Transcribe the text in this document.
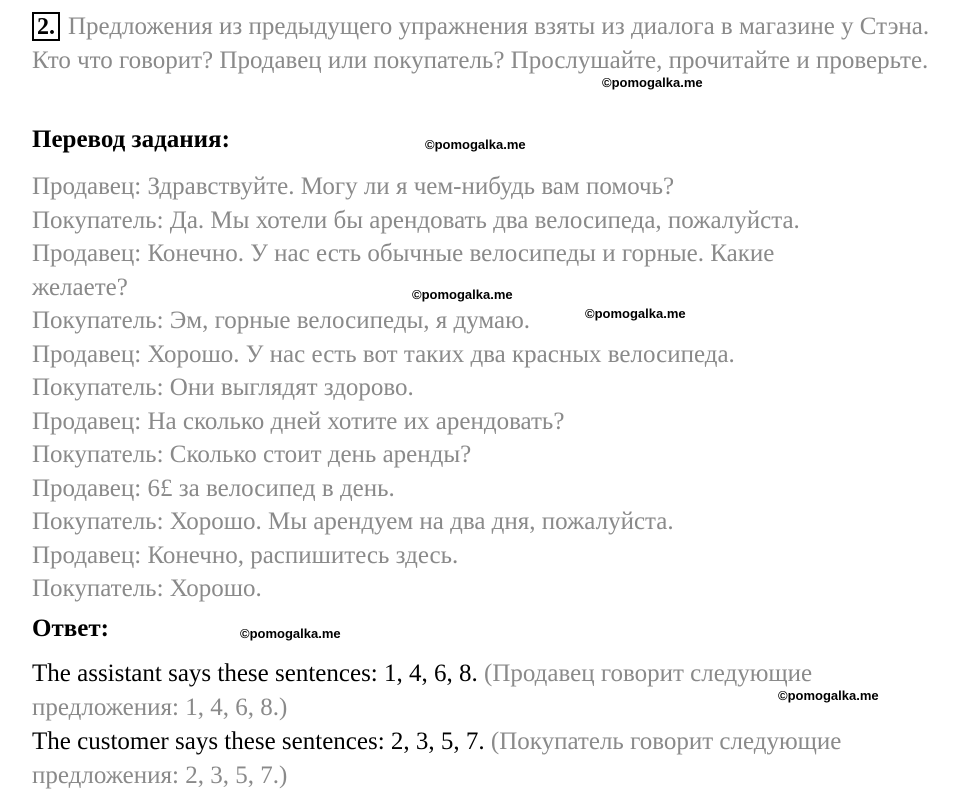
2. Предложения из предыдущего упражнения взяты из диалога в магазине у Стэна. Кто что говорит? Продавец или покупатель? Прослушайте, прочитайте и проверьте.
Перевод задания:
Продавец: Здравствуйте. Могу ли я чем-нибудь вам помочь?
Покупатель: Да. Мы хотели бы арендовать два велосипеда, пожалуйста.
Продавец: Конечно. У нас есть обычные велосипеды и горные. Какие желаете?
Покупатель: Эм, горные велосипеды, я думаю.
Продавец: Хорошо. У нас есть вот таких два красных велосипеда.
Покупатель: Они выглядят здорово.
Продавец: На сколько дней хотите их арендовать?
Покупатель: Сколько стоит день аренды?
Продавец: 6£ за велосипед в день.
Покупатель: Хорошо. Мы арендуем на два дня, пожалуйста.
Продавец: Конечно, распишитесь здесь.
Покупатель: Хорошо.
Ответ:
The assistant says these sentences: 1, 4, 6, 8. (Продавец говорит следующие предложения: 1, 4, 6, 8.)
The customer says these sentences: 2, 3, 5, 7. (Покупатель говорит следующие предложения: 2, 3, 5, 7.)
©pomogalka.me
©pomogalka.me
©pomogalka.me
©pomogalka.me
©pomogalka.me
©pomogalka.me
